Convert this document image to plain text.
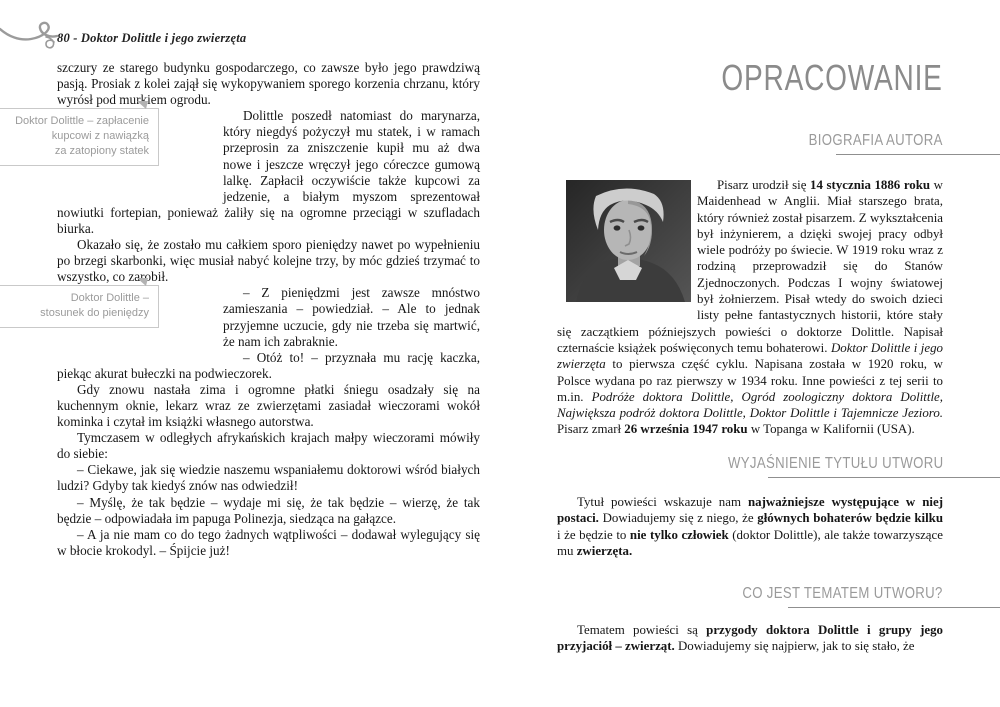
80 - Doktor Dolittle i jego zwierzęta

szczury ze starego budynku gospodarczego, co zawsze było jego prawdziwą pasją. Prosiak z kolei zajął się wykopywaniem sporego korzenia chrzanu, który wyrósł pod murkiem ogrodu.

Doktor Dolittle – zapłacenie
kupcowi z nawiązką
za zatopiony statek

Dolittle poszedł natomiast do marynarza, który niegdyś pożyczył mu statek, i w ramach przeprosin za zniszczenie kupił mu aż dwa nowe i jeszcze wręczył jego córeczce gumową lalkę. Zapłacił oczywiście także kupcowi za jedzenie, a białym myszom sprezentował nowiutki fortepian, ponieważ żaliły się na ogromne przeciągi w szufladach biurka.

Okazało się, że zostało mu całkiem sporo pieniędzy nawet po wypełnieniu po brzegi skarbonki, więc musiał nabyć kolejne trzy, by móc gdzieś trzymać to wszystko, co zarobił.

Doktor Dolittle –
stosunek do pieniędzy

– Z pieniędzmi jest zawsze mnóstwo zamieszania – powiedział. – Ale to jednak przyjemne uczucie, gdy nie trzeba się martwić, że nam ich zabraknie.

– Otóż to! – przyznała mu rację kaczka, piekąc akurat bułeczki na podwieczorek.

Gdy znowu nastała zima i ogromne płatki śniegu osadzały się na kuchennym oknie, lekarz wraz ze zwierzętami zasiadał wieczorami wokół kominka i czytał im książki własnego autorstwa.

Tymczasem w odległych afrykańskich krajach małpy wieczorami mówiły do siebie:

– Ciekawe, jak się wiedzie naszemu wspaniałemu doktorowi wśród białych ludzi? Gdyby tak kiedyś znów nas odwiedził!

– Myślę, że tak będzie – wydaje mi się, że tak będzie – wierzę, że tak będzie – odpowiadała im papuga Polinezja, siedząca na gałązce.

– A ja nie mam co do tego żadnych wątpliwości – dodawał wylegujący się w błocie krokodyl. – Śpijcie już!

OPRACOWANIE
BIOGRAFIA AUTORA

Pisarz urodził się 14 stycznia 1886 roku w Maidenhead w Anglii. Miał starszego brata, który również został pisarzem. Z wykształcenia był inżynierem, a dzięki swojej pracy odbył wiele podróży po świecie. W 1919 roku wraz z rodziną przeprowadził się do Stanów Zjednoczonych. Podczas I wojny światowej był żołnierzem. Pisał wtedy do swoich dzieci listy pełne fantastycznych historii, które stały się zaczątkiem późniejszych powieści o doktorze Dolittle. Napisał czternaście książek poświęconych temu bohaterowi. Doktor Dolittle i jego zwierzęta to pierwsza część cyklu. Napisana została w 1920 roku, w Polsce wydana po raz pierwszy w 1934 roku. Inne powieści z tej serii to m.in. Podróże doktora Dolittle, Ogród zoologiczny doktora Dolittle, Największa podróż doktora Dolittle, Doktor Dolittle i Tajemnicze Jezioro. Pisarz zmarł 26 września 1947 roku w Topanga w Kalifornii (USA).

WYJAŚNIENIE TYTUŁU UTWORU

Tytuł powieści wskazuje nam najważniejsze występujące w niej postaci. Dowiadujemy się z niego, że głównych bohaterów będzie kilku i że będzie to nie tylko człowiek (doktor Dolittle), ale także towarzyszące mu zwierzęta.

CO JEST TEMATEM UTWORU?

Tematem powieści są przygody doktora Dolittle i grupy jego przyjaciół – zwierząt. Dowiadujemy się najpierw, jak to się stało, że
